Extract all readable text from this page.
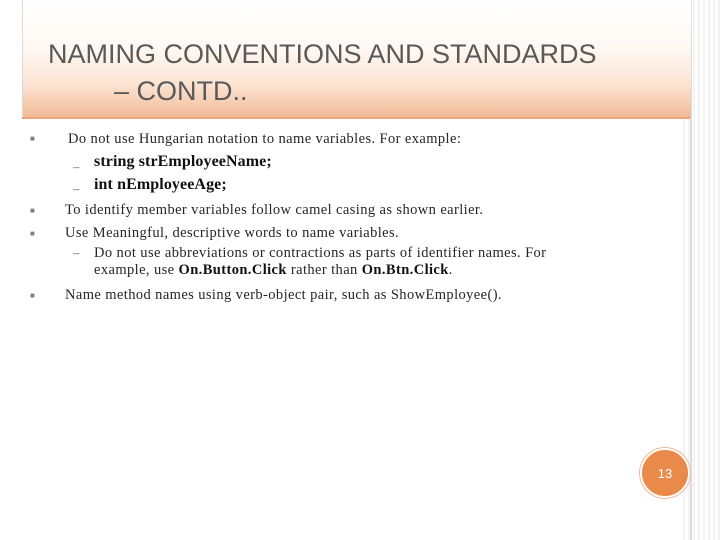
NAMING CONVENTIONS AND STANDARDS
– CONTD..
■ Do not use Hungarian notation to name variables. For example:
– string strEmployeeName;
– int nEmployeeAge;
■ To identify member variables follow camel casing as shown earlier.
■ Use Meaningful, descriptive words to name variables.
– Do not use abbreviations or contractions as parts of identifier names. For
example, use On.Button.Click rather than On.Btn.Click.
■ Name method names using verb-object pair, such as ShowEmployee().
13
